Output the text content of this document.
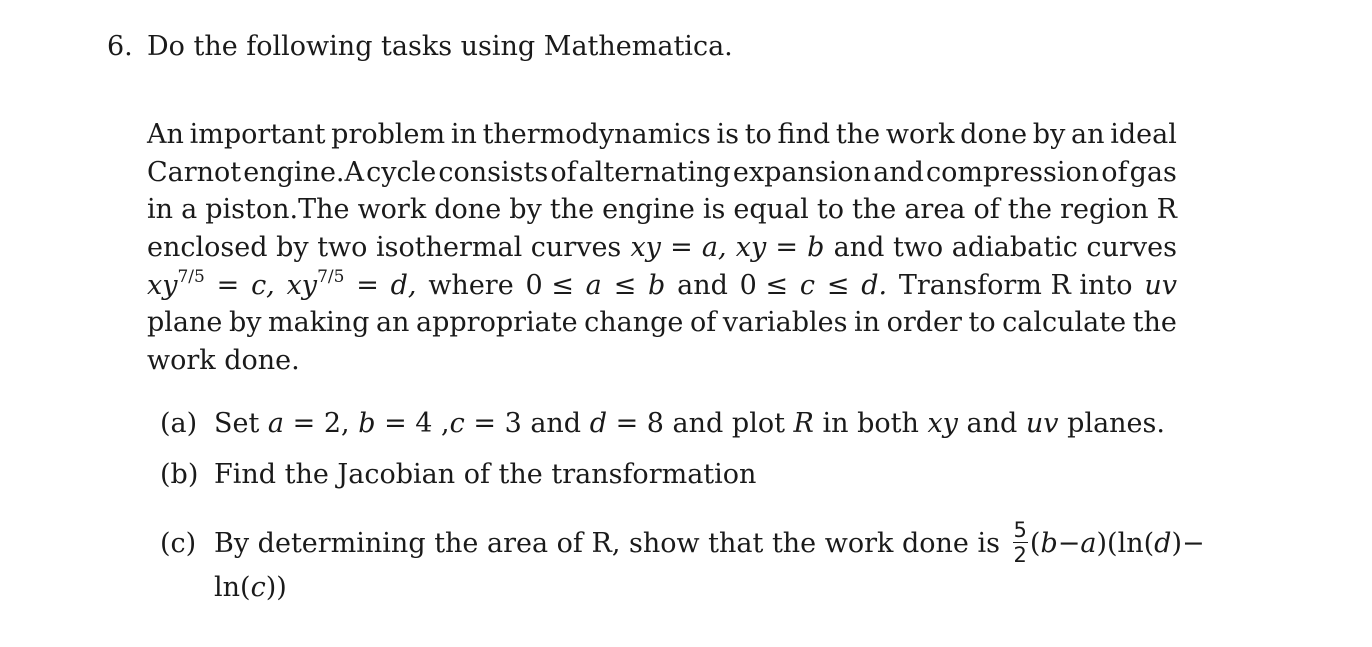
6. Do the following tasks using Mathematica.
An important problem in thermodynamics is to find the work done by an ideal
Carnot engine.A cycle consists of alternating expansion and compression of gas
in a piston.The work done by the engine is equal to the area of the region R
enclosed by two isothermal curves xy = a, xy = b and two adiabatic curves
$xy^{7/5} = c$, $xy^{7/5} = d$, where 0 ≤ a ≤ b and 0 ≤ c ≤ d. Transform R into uv
plane by making an appropriate change of variables in order to calculate the
work done.
(a) Set a = 2, b = 4 ,c = 3 and d = 8 and plot R in both xy and uv planes.
(b) Find the Jacobian of the transformation
(c) By determining the area of R, show that the work done is $\frac{5}{2} (b-a)(\ln(d)-$
ln(c))
